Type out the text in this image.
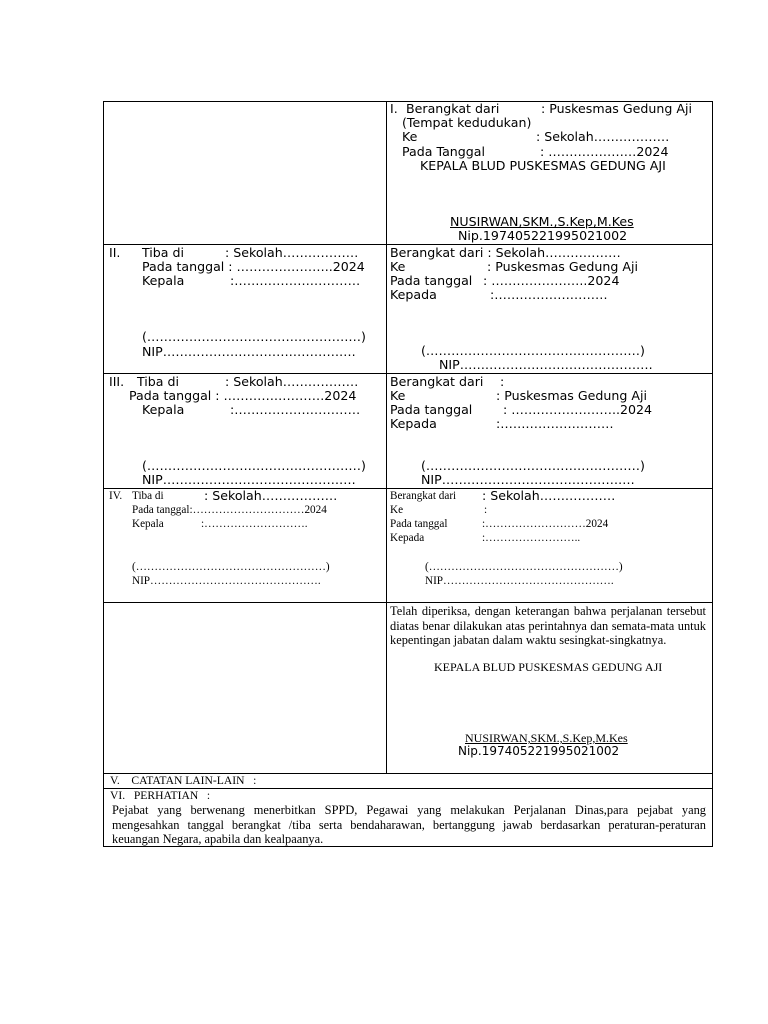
I. Berangkat dari	: Puskesmas Gedung Aji
(Tempat kedudukan)
Ke	: Sekolah………………
Pada Tanggal	: …………………2024
KEPALA BLUD PUSKESMAS GEDUNG AJI
NUSIRWAN,SKM.,S.Kep,M.Kes
Nip.197405221995021002
II. Tiba di	: Sekolah………………
Pada tanggal : …………………..2024
Kepala	:…………………………
(……………………………………………)
NIP……………………………………….
Berangkat dari : Sekolah………………
Ke	: Puskesmas Gedung Aji
Pada tanggal : …………………..2024
Kepada	:………………………
(……………………………………………)
NIP……………………………………….
III. Tiba di	: Sekolah………………
Pada tanggal : ……………………2024
Kepala	:…………………………
(……………………………………………)
NIP……………………………………….
Berangkat dari :
Ke	: Puskesmas Gedung Aji
Pada tanggal : ……………………..2024
Kepada	:………………………
(……………………………………………)
NIP……………………………………….
IV. Tiba di	: Sekolah………………
Pada tanggal:…………………………2024
Kepala	:……………………….
(……………………………………………)
NIP……………………………………….
Berangkat dari : Sekolah………………
Ke	:
Pada tanggal	:………………………2024
Kepada	:……………………..
(……………………………………………)
NIP……………………………………….
Telah diperiksa, dengan keterangan bahwa perjalanan tersebut diatas benar dilakukan atas perintahnya dan semata-mata untuk kepentingan jabatan dalam waktu sesingkat-singkatnya.
KEPALA BLUD PUSKESMAS GEDUNG AJI
NUSIRWAN,SKM.,S.Kep,M.Kes
Nip.197405221995021002
V.    CATATAN LAIN-LAIN   :
VI.   PERHATIAN   :
Pejabat yang berwenang menerbitkan SPPD, Pegawai yang melakukan Perjalanan Dinas,para pejabat yang mengesahkan tanggal berangkat /tiba serta bendaharawan, bertanggung jawab berdasarkan peraturan-peraturan keuangan Negara, apabila dan kealpaanya.
